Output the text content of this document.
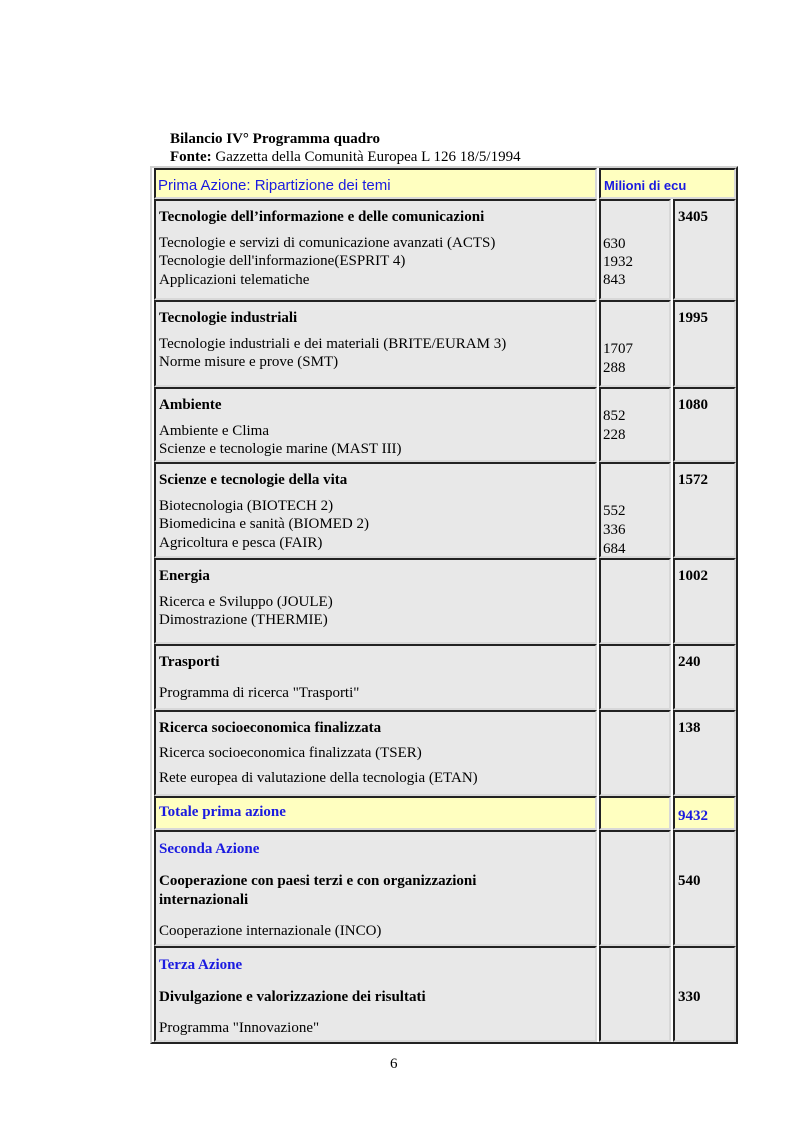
Bilancio IV° Programma quadro
Fonte: Gazzetta della Comunità Europea L 126 18/5/1994
Prima Azione: Ripartizione dei temi	Milioni di ecu
Tecnologie dell’informazione e delle comunicazioni
Tecnologie e servizi di comunicazione avanzati (ACTS)
Tecnologie dell'informazione(ESPRIT 4)
Applicazioni telematiche
630
1932
843
3405
Tecnologie industriali
Tecnologie industriali e dei materiali (BRITE/EURAM 3)
Norme misure e prove (SMT)
1707
288
1995
Ambiente
Ambiente e Clima
Scienze e tecnologie marine (MAST III)
852
228
1080
Scienze e tecnologie della vita
Biotecnologia (BIOTECH 2)
Biomedicina e sanità (BIOMED 2)
Agricoltura e pesca (FAIR)
552
336
684
1572
Energia
Ricerca e Sviluppo (JOULE)
Dimostrazione (THERMIE)
1002
Trasporti
Programma di ricerca "Trasporti"
240
Ricerca socioeconomica finalizzata
Ricerca socioeconomica finalizzata (TSER)
Rete europea di valutazione della tecnologia (ETAN)
138
Totale prima azione	9432
Seconda Azione
Cooperazione con paesi terzi e con organizzazioni
internazionali
Cooperazione internazionale (INCO)
540
Terza Azione
Divulgazione e valorizzazione dei risultati
Programma "Innovazione"
330
6
